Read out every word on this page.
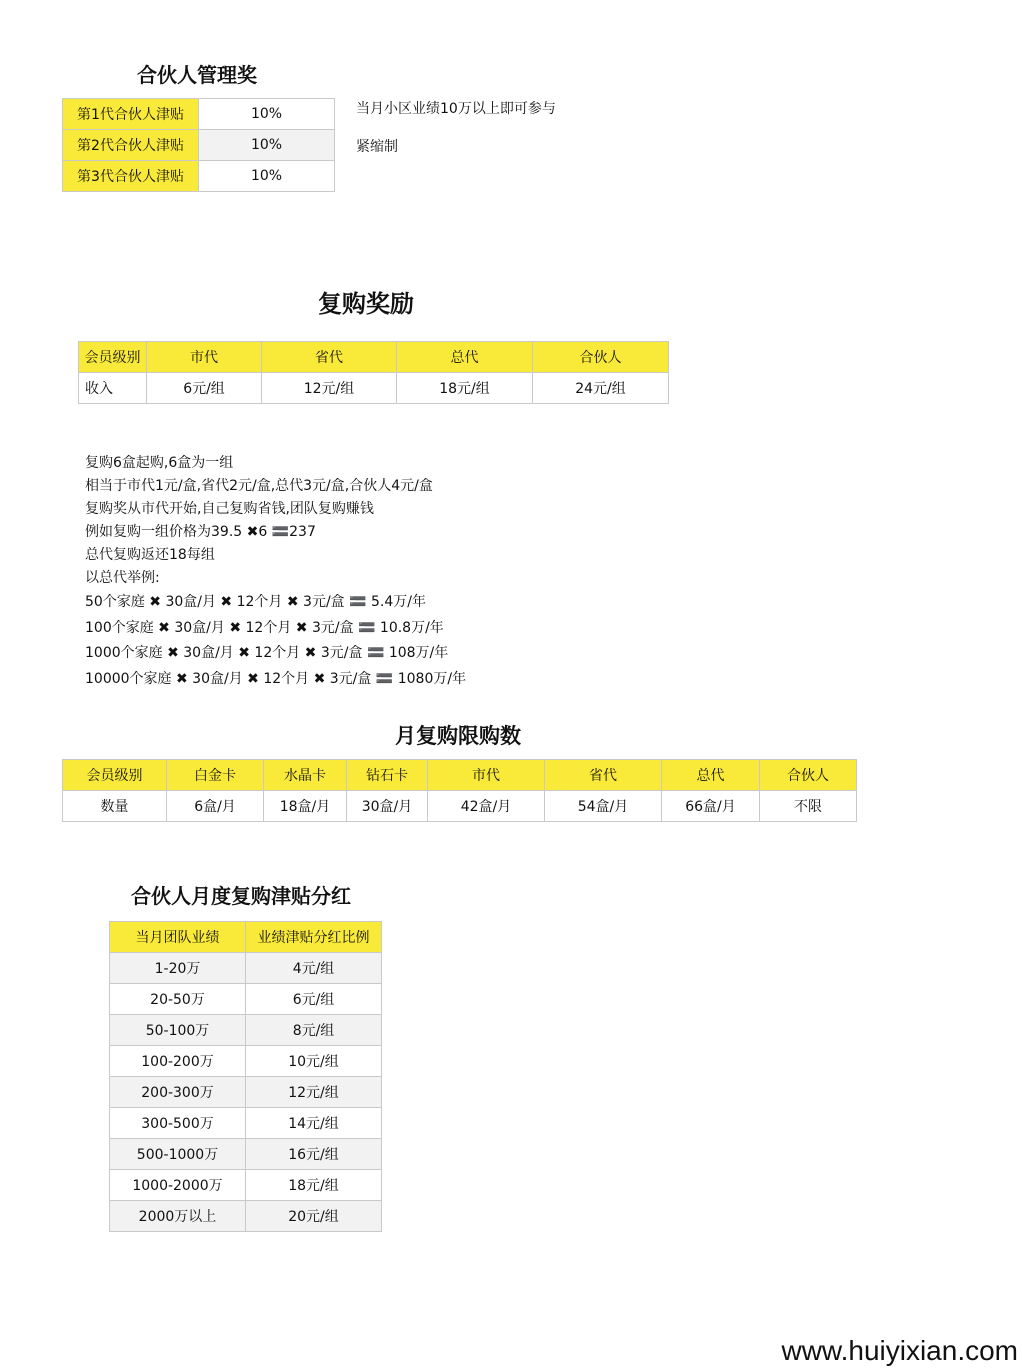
合伙人管理奖
第1代合伙人津贴	10%
第2代合伙人津贴	10%
第3代合伙人津贴	10%
当月小区业绩10万以上即可参与
紧缩制
复购奖励
会员级别	市代	省代	总代	合伙人
收入	6元/组	12元/组	18元/组	24元/组
复购6盒起购,6盒为一组
相当于市代1元/盒,省代2元/盒,总代3元/盒,合伙人4元/盒
复购奖从市代开始,自己复购省钱,团队复购赚钱
例如复购一组价格为39.5 ✖6 🟰237
总代复购返还18每组
以总代举例:
50个家庭 ✖ 30盒/月 ✖ 12个月 ✖ 3元/盒 🟰 5.4万/年
100个家庭 ✖ 30盒/月 ✖ 12个月 ✖ 3元/盒 🟰 10.8万/年
1000个家庭 ✖ 30盒/月 ✖ 12个月 ✖ 3元/盒 🟰 108万/年
10000个家庭 ✖ 30盒/月 ✖ 12个月 ✖ 3元/盒 🟰 1080万/年
月复购限购数
会员级别	白金卡	水晶卡	钻石卡	市代	省代	总代	合伙人
数量	6盒/月	18盒/月	30盒/月	42盒/月	54盒/月	66盒/月	不限
合伙人月度复购津贴分红
当月团队业绩	业绩津贴分红比例
1-20万	4元/组
20-50万	6元/组
50-100万	8元/组
100-200万	10元/组
200-300万	12元/组
300-500万	14元/组
500-1000万	16元/组
1000-2000万	18元/组
2000万以上	20元/组
www.huiyixian.com
